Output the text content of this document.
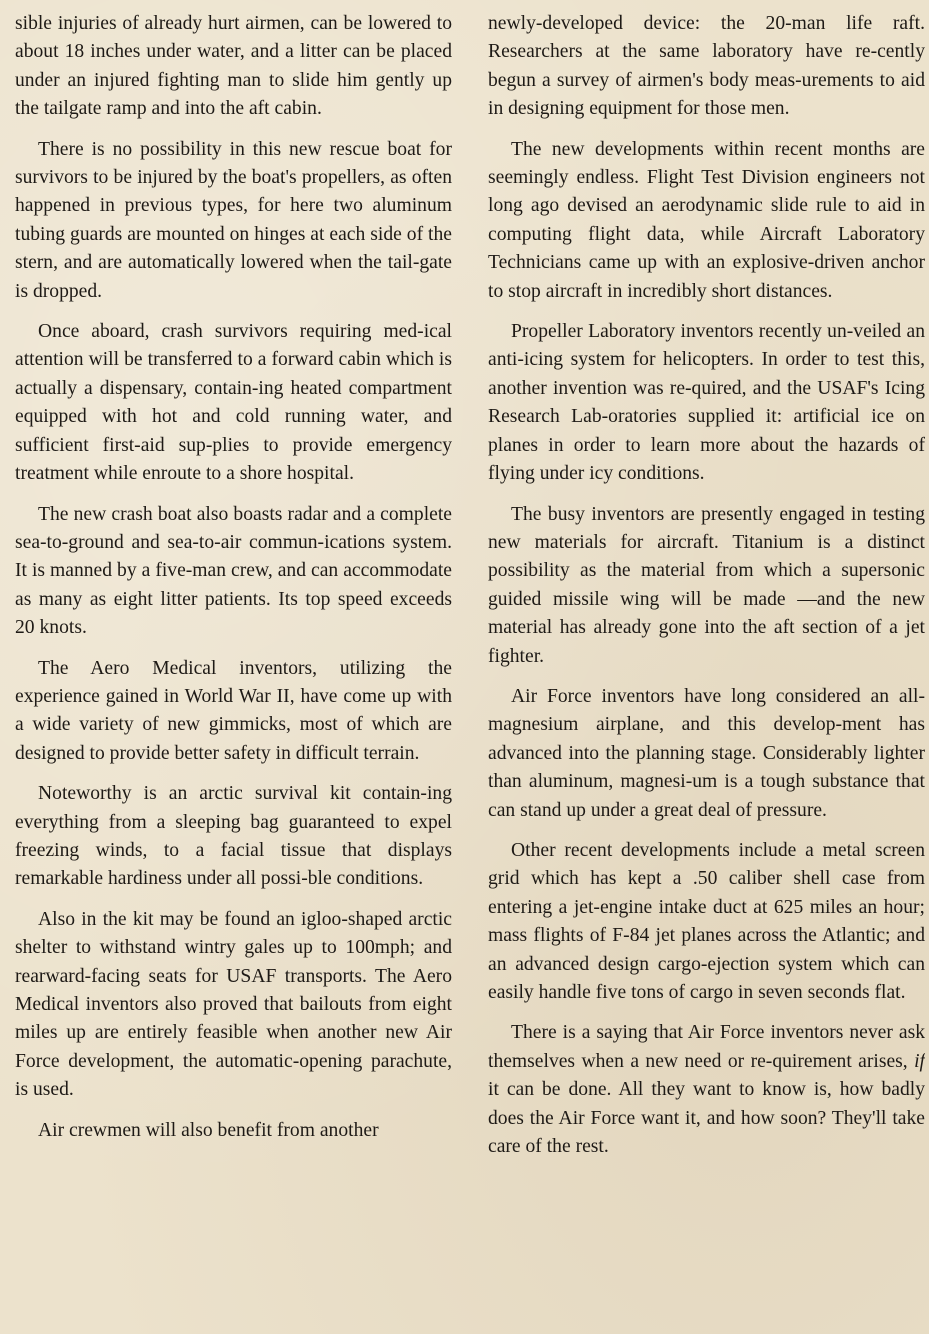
sible injuries of already hurt airmen, can be lowered to about 18 inches under water, and a litter can be placed under an injured fighting man to slide him gently up the tailgate ramp and into the aft cabin.

There is no possibility in this new rescue boat for survivors to be injured by the boat's propellers, as often happened in previous types, for here two aluminum tubing guards are mounted on hinges at each side of the stern, and are automatically lowered when the tail-gate is dropped.

Once aboard, crash survivors requiring med-ical attention will be transferred to a forward cabin which is actually a dispensary, contain-ing heated compartment equipped with hot and cold running water, and sufficient first-aid sup-plies to provide emergency treatment while enroute to a shore hospital.

The new crash boat also boasts radar and a complete sea-to-ground and sea-to-air commun-ications system. It is manned by a five-man crew, and can accommodate as many as eight litter patients. Its top speed exceeds 20 knots.

The Aero Medical inventors, utilizing the experience gained in World War II, have come up with a wide variety of new gimmicks, most of which are designed to provide better safety in difficult terrain.

Noteworthy is an arctic survival kit contain-ing everything from a sleeping bag guaranteed to expel freezing winds, to a facial tissue that displays remarkable hardiness under all possi-ble conditions.

Also in the kit may be found an igloo-shaped arctic shelter to withstand wintry gales up to 100mph; and rearward-facing seats for USAF transports. The Aero Medical inventors also proved that bailouts from eight miles up are entirely feasible when another new Air Force development, the automatic-opening parachute, is used.

Air crewmen will also benefit from another

newly-developed device: the 20-man life raft. Researchers at the same laboratory have re-cently begun a survey of airmen's body meas-urements to aid in designing equipment for those men.

The new developments within recent months are seemingly endless. Flight Test Division engineers not long ago devised an aerodynamic slide rule to aid in computing flight data, while Aircraft Laboratory Technicians came up with an explosive-driven anchor to stop aircraft in incredibly short distances.

Propeller Laboratory inventors recently un-veiled an anti-icing system for helicopters. In order to test this, another invention was re-quired, and the USAF's Icing Research Lab-oratories supplied it: artificial ice on planes in order to learn more about the hazards of flying under icy conditions.

The busy inventors are presently engaged in testing new materials for aircraft. Titanium is a distinct possibility as the material from which a supersonic guided missile wing will be made —and the new material has already gone into the aft section of a jet fighter.

Air Force inventors have long considered an all-magnesium airplane, and this develop-ment has advanced into the planning stage. Considerably lighter than aluminum, magnesi-um is a tough substance that can stand up under a great deal of pressure.

Other recent developments include a metal screen grid which has kept a .50 caliber shell case from entering a jet-engine intake duct at 625 miles an hour; mass flights of F-84 jet planes across the Atlantic; and an advanced design cargo-ejection system which can easily handle five tons of cargo in seven seconds flat.

There is a saying that Air Force inventors never ask themselves when a new need or re-quirement arises, if it can be done. All they want to know is, how badly does the Air Force want it, and how soon? They'll take care of the rest.
